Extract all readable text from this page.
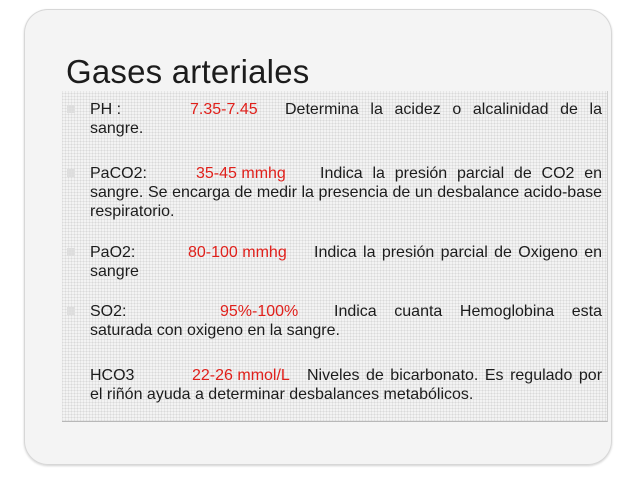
Gases arteriales
PH :	7.35-7.45 Determina la acidez o alcalinidad de la sangre.
PaCO2:	35-45 mmhg Indica la presión parcial de CO2 en sangre. Se encarga de medir la presencia de un desbalance acido-base respiratorio.
PaO2:	80-100 mmhg Indica la presión parcial de Oxigeno en sangre
SO2:	95%-100% Indica cuanta Hemoglobina esta saturada con oxigeno en la sangre.
HCO3	22-26 mmol/L Niveles de bicarbonato. Es regulado por el riñón ayuda a determinar desbalances metabólicos.
